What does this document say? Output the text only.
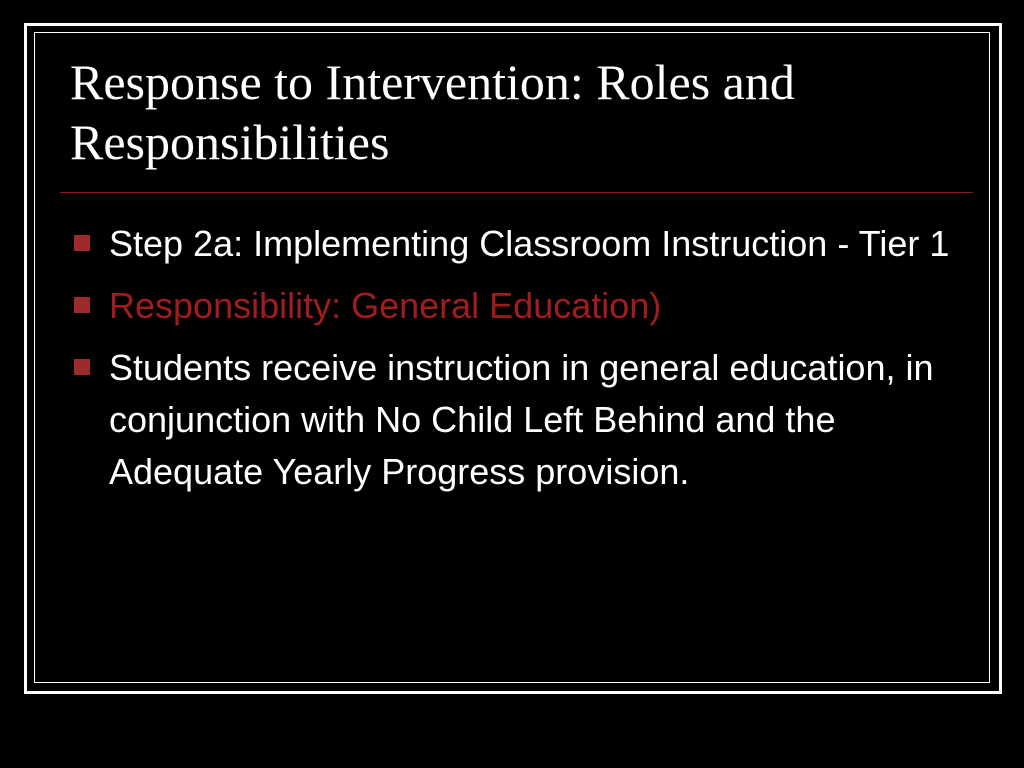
Response to Intervention: Roles and Responsibilities
Step 2a: Implementing Classroom Instruction - Tier 1
Responsibility: General Education)
Students receive instruction in general education, in conjunction with No Child Left Behind and the Adequate Yearly Progress provision.
